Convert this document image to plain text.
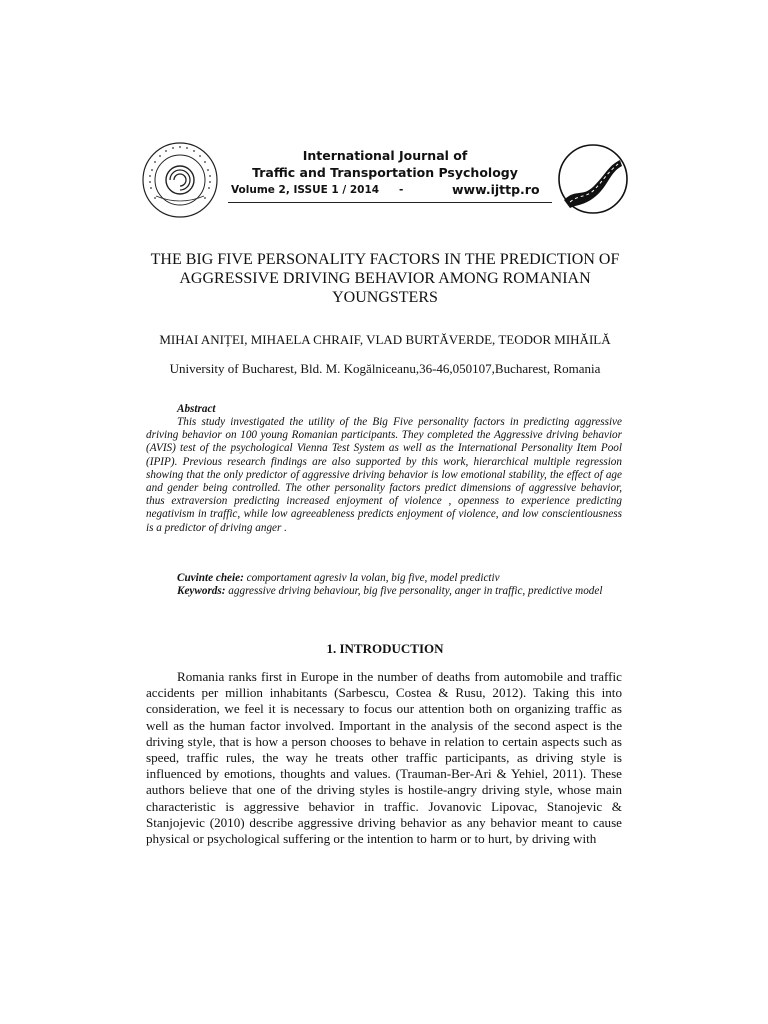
International Journal of
Traffic and Transportation Psychology
Volume 2, ISSUE 1 / 2014 -	www.ijttp.ro
THE BIG FIVE PERSONALITY FACTORS IN THE PREDICTION OF AGGRESSIVE DRIVING BEHAVIOR AMONG ROMANIAN YOUNGSTERS
MIHAI ANIȚEI, MIHAELA CHRAIF, VLAD BURTĂVERDE, TEODOR MIHĂILĂ
University of Bucharest, Bld. M. Kogălniceanu,36-46,050107,Bucharest, Romania
Abstract
This study investigated the utility of the Big Five personality factors in predicting aggressive driving behavior on 100 young Romanian participants. They completed the Aggressive driving behavior (AVIS) test of the psychological Vienna Test System as well as the International Personality Item Pool (IPIP). Previous research findings are also supported by this work, hierarchical multiple regression showing that the only predictor of aggressive driving behavior is low emotional stability, the effect of age and gender being controlled. The other personality factors predict dimensions of aggressive behavior, thus extraversion predicting increased enjoyment of violence , openness to experience predicting negativism in traffic, while low agreeableness predicts enjoyment of violence, and low conscientiousness is a predictor of driving anger .
Cuvinte cheie: comportament agresiv la volan, big five, model predictiv
Keywords: aggressive driving behaviour, big five personality, anger in traffic, predictive model
1. INTRODUCTION
Romania ranks first in Europe in the number of deaths from automobile and traffic accidents per million inhabitants (Sarbescu, Costea & Rusu, 2012). Taking this into consideration, we feel it is necessary to focus our attention both on organizing traffic as well as the human factor involved. Important in the analysis of the second aspect is the driving style, that is how a person chooses to behave in relation to certain aspects such as speed, traffic rules, the way he treats other traffic participants, as driving style is influenced by emotions, thoughts and values. (Trauman-Ber-Ari & Yehiel, 2011). These authors believe that one of the driving styles is hostile-angry driving style, whose main characteristic is aggressive behavior in traffic. Jovanovic Lipovac, Stanojevic & Stanjojevic (2010) describe aggressive driving behavior as any behavior meant to cause physical or psychological suffering or the intention to harm or to hurt, by driving with
